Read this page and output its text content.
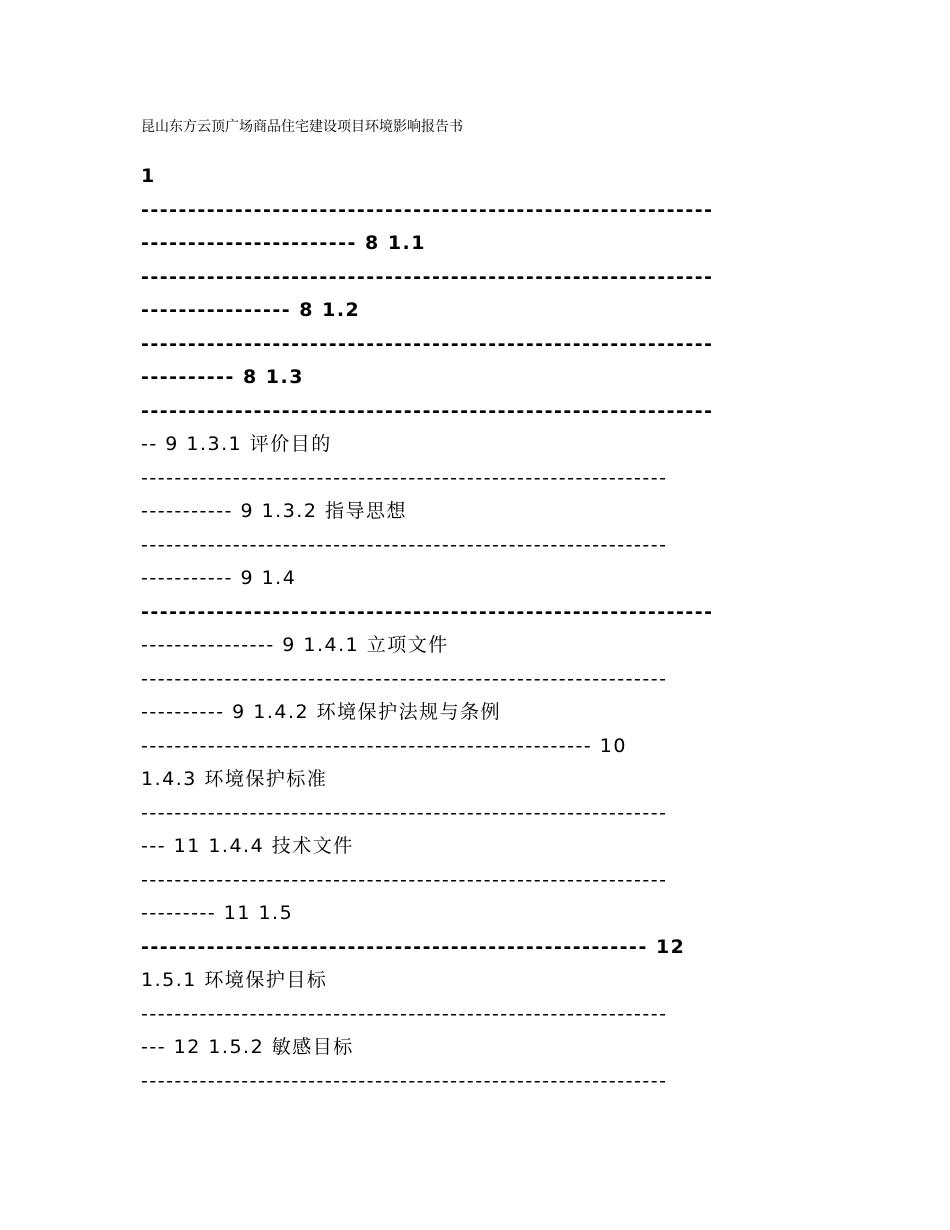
昆山东方云顶广场商品住宅建设项目环境影响报告书
1
-------------------------------------------------------------
----------------------- 8 1.1
-------------------------------------------------------------
---------------- 8 1.2
-------------------------------------------------------------
---------- 8 1.3
-------------------------------------------------------------
-- 9 1.3.1 评价目的
---------------------------------------------------------------
----------- 9 1.3.2 指导思想
---------------------------------------------------------------
----------- 9 1.4
-------------------------------------------------------------
---------------- 9 1.4.1 立项文件
---------------------------------------------------------------
---------- 9 1.4.2 环境保护法规与条例
------------------------------------------------------ 10
1.4.3 环境保护标准
---------------------------------------------------------------
--- 11 1.4.4 技术文件
---------------------------------------------------------------
--------- 11 1.5
------------------------------------------------------ 12
1.5.1 环境保护目标
---------------------------------------------------------------
--- 12 1.5.2 敏感目标
---------------------------------------------------------------
